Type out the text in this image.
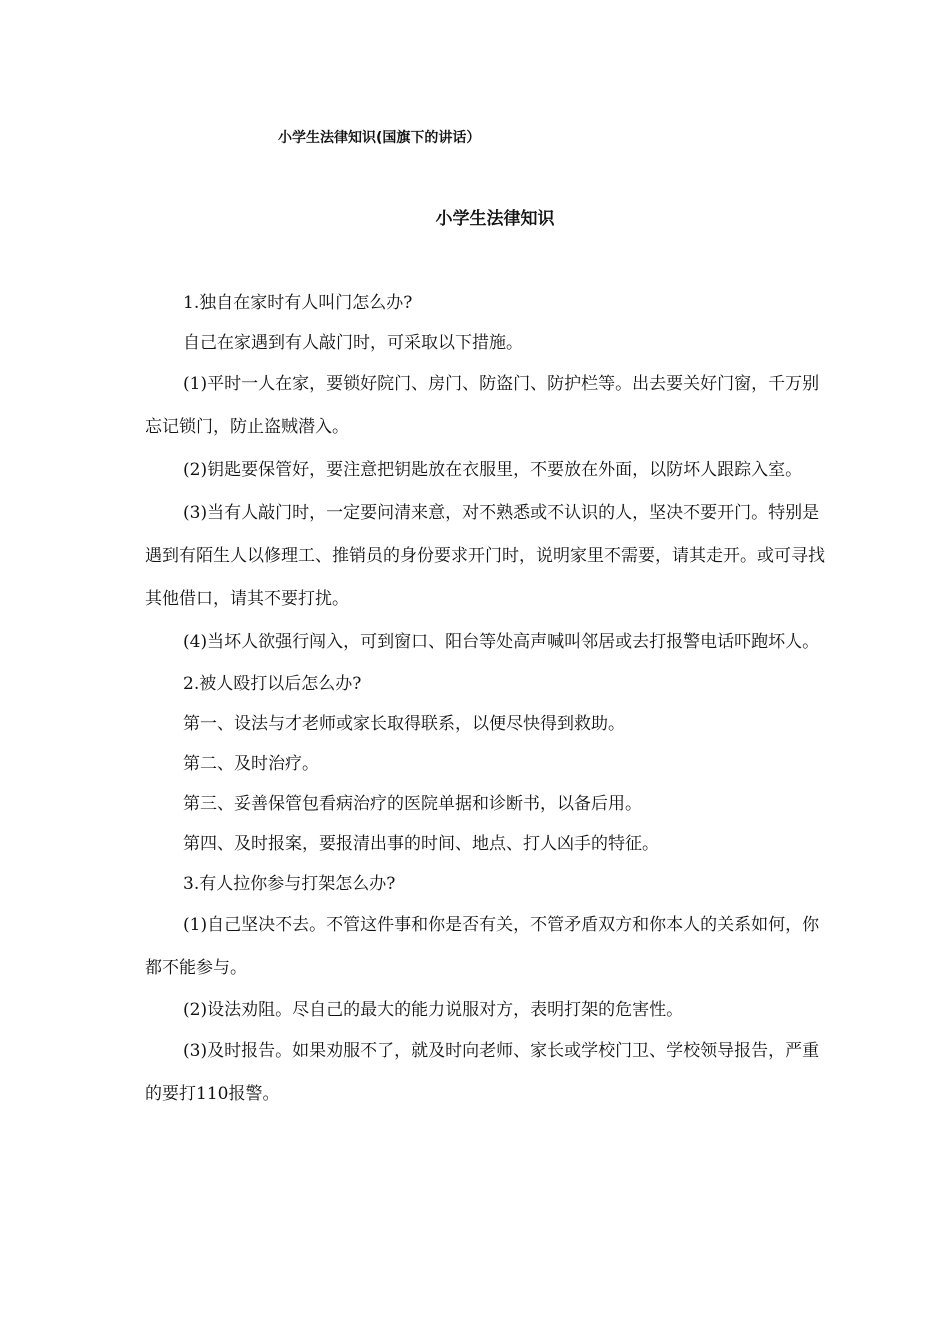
小学生法律知识(国旗下的讲话）
小学生法律知识

1.独自在家时有人叫门怎么办?

自己在家遇到有人敲门时，可采取以下措施。

(1)平时一人在家，要锁好院门、房门、防盗门、防护栏等。出去要关好门窗，千万别忘记锁门，防止盗贼潜入。

(2)钥匙要保管好，要注意把钥匙放在衣服里，不要放在外面，以防坏人跟踪入室。

(3)当有人敲门时，一定要问清来意，对不熟悉或不认识的人，坚决不要开门。特别是遇到有陌生人以修理工、推销员的身份要求开门时，说明家里不需要，请其走开。或可寻找其他借口，请其不要打扰。

(4)当坏人欲强行闯入，可到窗口、阳台等处高声喊叫邻居或去打报警电话吓跑坏人。

2.被人殴打以后怎么办?

第一、设法与才老师或家长取得联系，以便尽快得到救助。

第二、及时治疗。

第三、妥善保管包看病治疗的医院单据和诊断书，以备后用。

第四、及时报案，要报清出事的时间、地点、打人凶手的特征。

3.有人拉你参与打架怎么办?

(1)自己坚决不去。不管这件事和你是否有关，不管矛盾双方和你本人的关系如何，你都不能参与。

(2)设法劝阻。尽自己的最大的能力说服对方，表明打架的危害性。

(3)及时报告。如果劝服不了，就及时向老师、家长或学校门卫、学校领导报告，严重的要打110报警。
